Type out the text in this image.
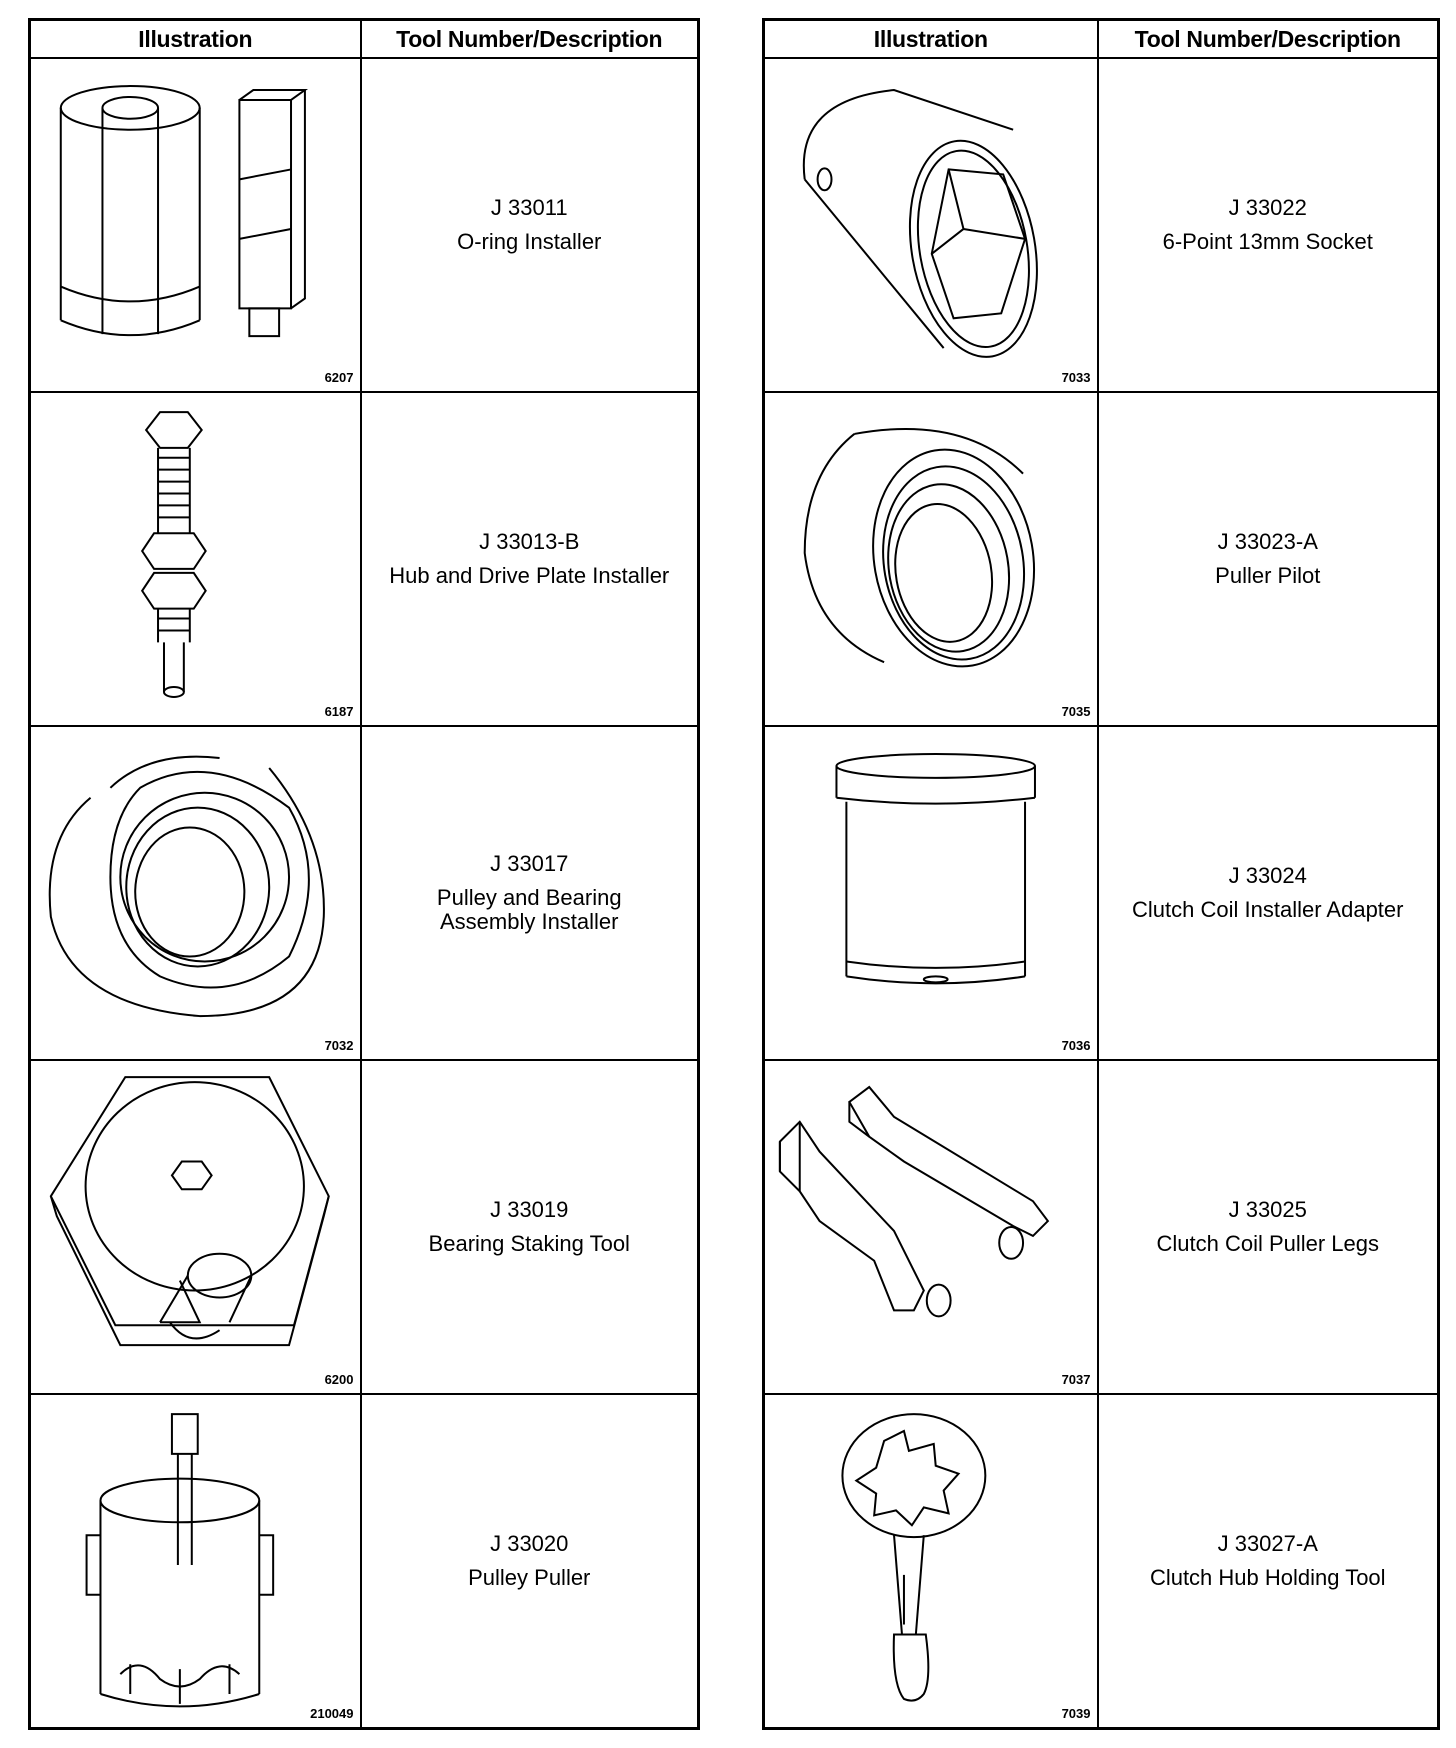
Illustration	Tool Number/Description

6207	J 33011
O-ring Installer

6187	J 33013-B
Hub and Drive Plate Installer

7032	J 33017
Pulley and Bearing
Assembly Installer

6200	J 33019
Bearing Staking Tool

210049	J 33020
Pulley Puller
Illustration	Tool Number/Description

7033	J 33022
6-Point 13mm Socket

7035	J 33023-A
Puller Pilot

7036	J 33024
Clutch Coil Installer Adapter

7037	J 33025
Clutch Coil Puller Legs

7039	J 33027-A
Clutch Hub Holding Tool
